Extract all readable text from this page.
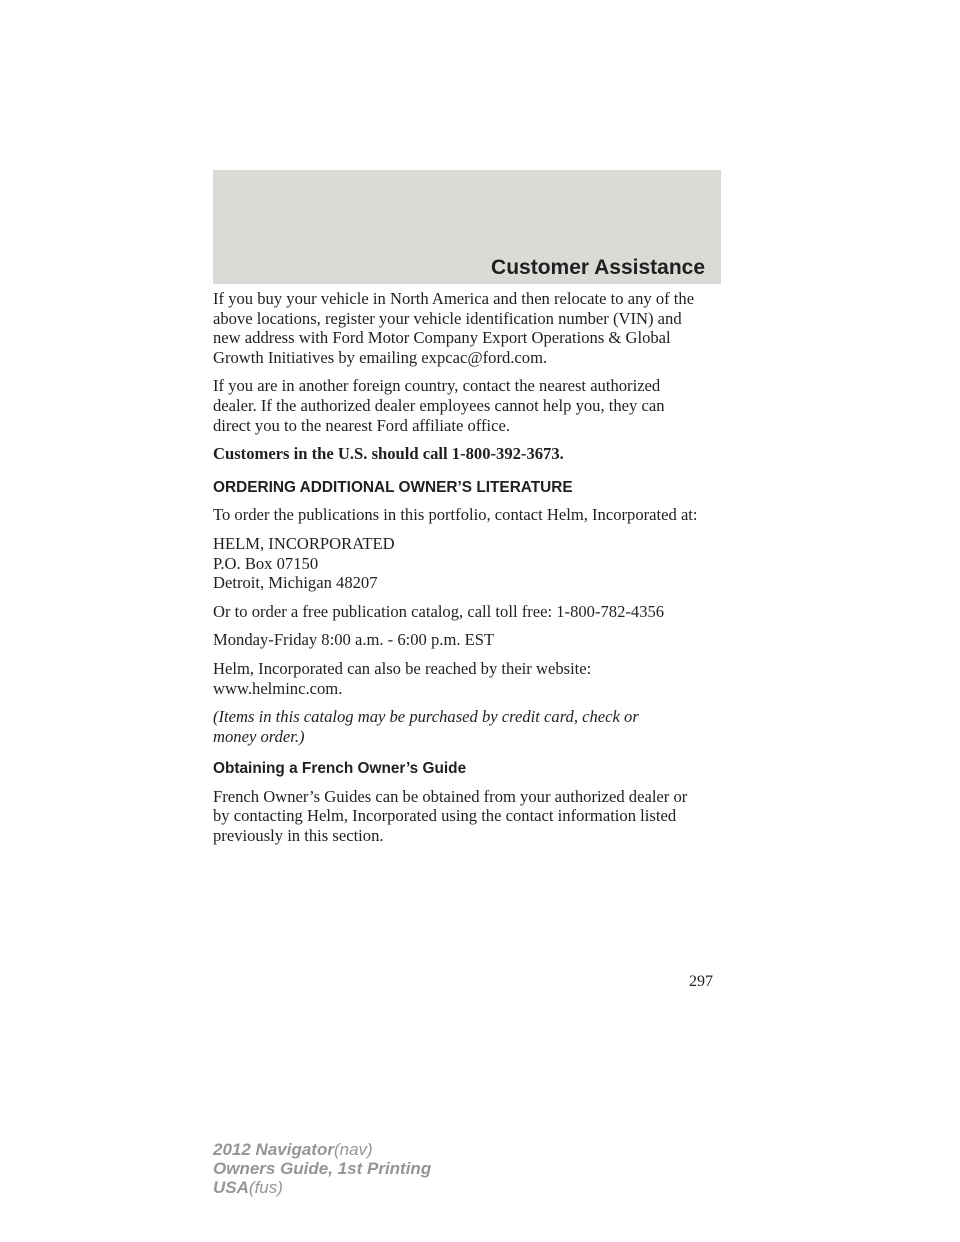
Customer Assistance

If you buy your vehicle in North America and then relocate to any of the
above locations, register your vehicle identification number (VIN) and
new address with Ford Motor Company Export Operations & Global
Growth Initiatives by emailing expcac@ford.com.

If you are in another foreign country, contact the nearest authorized
dealer. If the authorized dealer employees cannot help you, they can
direct you to the nearest Ford affiliate office.

Customers in the U.S. should call 1-800-392-3673.

ORDERING ADDITIONAL OWNER’S LITERATURE

To order the publications in this portfolio, contact Helm, Incorporated at:

HELM, INCORPORATED
P.O. Box 07150
Detroit, Michigan 48207

Or to order a free publication catalog, call toll free: 1-800-782-4356

Monday-Friday 8:00 a.m. - 6:00 p.m. EST

Helm, Incorporated can also be reached by their website:
www.helminc.com.

(Items in this catalog may be purchased by credit card, check or
money order.)

Obtaining a French Owner’s Guide

French Owner’s Guides can be obtained from your authorized dealer or
by contacting Helm, Incorporated using the contact information listed
previously in this section.

297
2012 Navigator(nav)
Owners Guide, 1st Printing
USA(fus)
